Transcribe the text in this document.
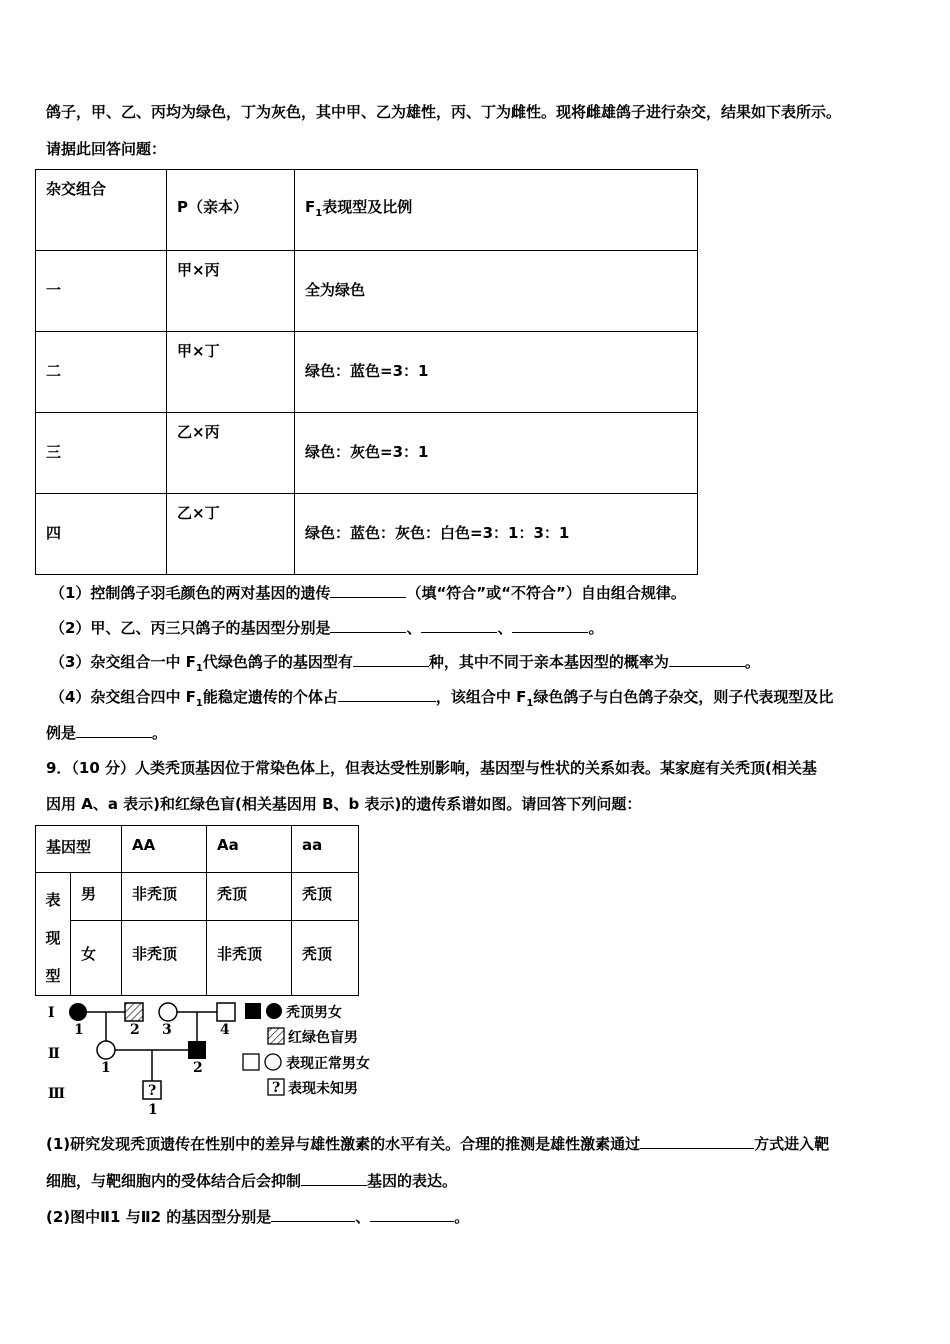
鸽子，甲、乙、丙均为绿色，丁为灰色，其中甲、乙为雄性，丙、丁为雌性。现将雌雄鸽子进行杂交，结果如下表所示。
请据此回答问题：
杂交组合	P（亲本）	$F_1$表现型及比例

一	甲×丙	全为绿色

二	甲×丁	绿色：蓝色=3：1

三	乙×丙	绿色：灰色=3：1

四	乙×丁	绿色：蓝色：灰色：白色=3：1：3：1
（1）控制鸽子羽毛颜色的两对基因的遗传	（填“符合”或“不符合”）自由组合规律。
（2）甲、乙、丙三只鸽子的基因型分别是	、	、	。
（3）杂交组合一中 $F_1$代绿色鸽子的基因型有	种，其中不同于亲本基因型的概率为	。
（4）杂交组合四中 $F_1$能稳定遗传的个体占	，该组合中 $F_1$绿色鸽子与白色鸽子杂交，则子代表现型及比
例是	。
9．（10 分）人类秃顶基因位于常染色体上，但表达受性别影响，基因型与性状的关系如表。某家庭有关秃顶(相关基
因用 A、a 表示)和红绿色盲(相关基因用 B、b 表示)的遗传系谱如图。请回答下列问题：
基因型		AA	Aa	aa

表
现
型	男	非秃顶	秃顶	秃顶

	女	非秃顶	非秃顶	秃顶
Ⅰ
Ⅱ
Ⅲ
1	2 3	4
1	2
?
1
秃顶男女
红绿色盲男
表现正常男女
? 表现未知男
(1)研究发现秃顶遗传在性别中的差异与雄性激素的水平有关。合理的推测是雄性激素通过	方式进入靶
细胞，与靶细胞内的受体结合后会抑制	基因的表达。
(2)图中Ⅱ1 与Ⅱ2 的基因型分别是	、	。
